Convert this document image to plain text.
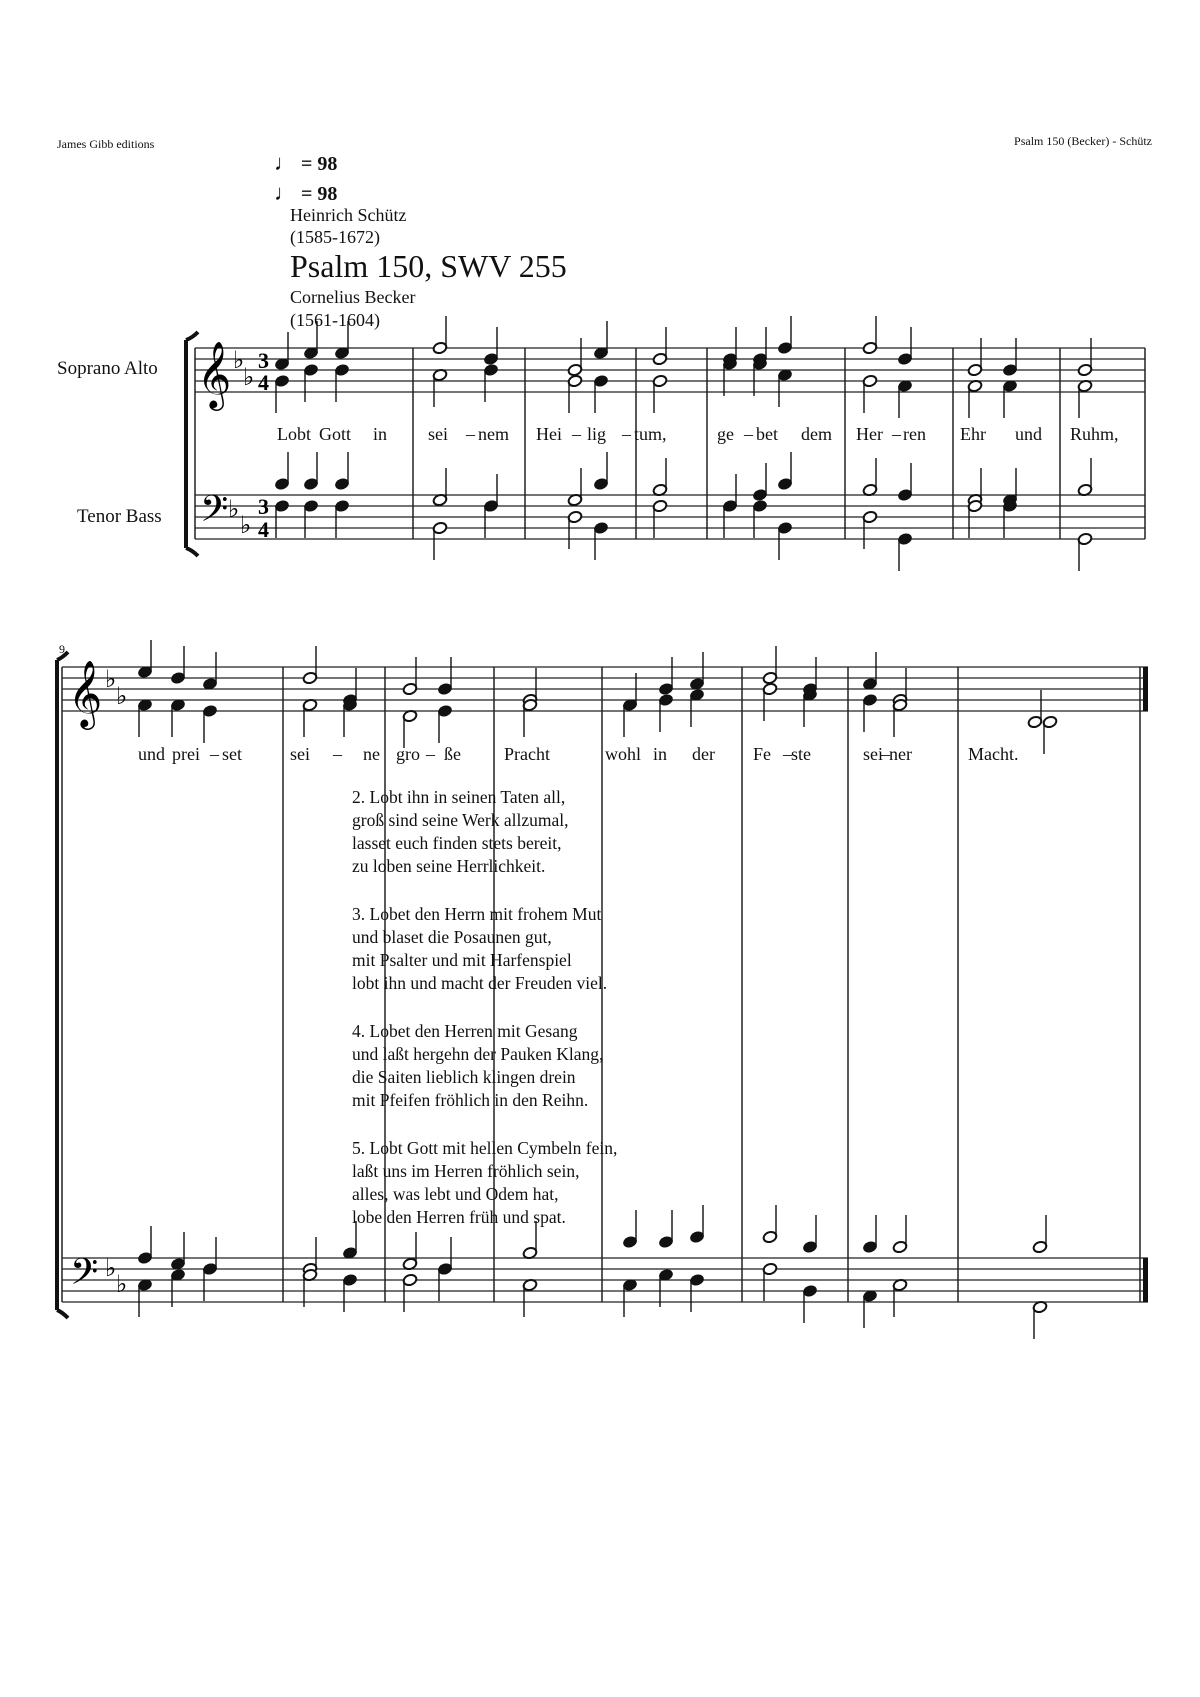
James Gibb editions	Psalm 150 (Becker) - Schütz
♩ = 98
♩ = 98
Heinrich Schütz
(1585-1672)
Psalm 150, SWV 255
Cornelius Becker
(1561-1604)
Soprano Alto
Tenor Bass
9
𝄞
𝄢
𝄞
𝄢
♭
♭
♭
♭
♭
♭
♭
♭
3
4
3
4
Lobt Gott in sei – nem Hei – lig – tum,	ge – bet dem Her – ren Ehr und Ruhm,
und prei – set	sei – ne gro – ße Pracht	wohl in der Fe – ste	sei
– ner	Macht.
2. Lobt ihn in seinen Taten all,
groß sind seine Werk allzumal,
lasset euch finden stets bereit,
zu loben seine Herrlichkeit.
3. Lobet den Herrn mit frohem Mut
und blaset die Posaunen gut,
mit Psalter und mit Harfenspiel
lobt ihn und macht der Freuden viel.
4. Lobet den Herren mit Gesang
und laßt hergehn der Pauken Klang,
die Saiten lieblich klingen drein
mit Pfeifen fröhlich in den Reihn.
5. Lobt Gott mit hellen Cymbeln fein,
laßt uns im Herren fröhlich sein,
alles, was lebt und Odem hat,
lobe den Herren früh und spat.
